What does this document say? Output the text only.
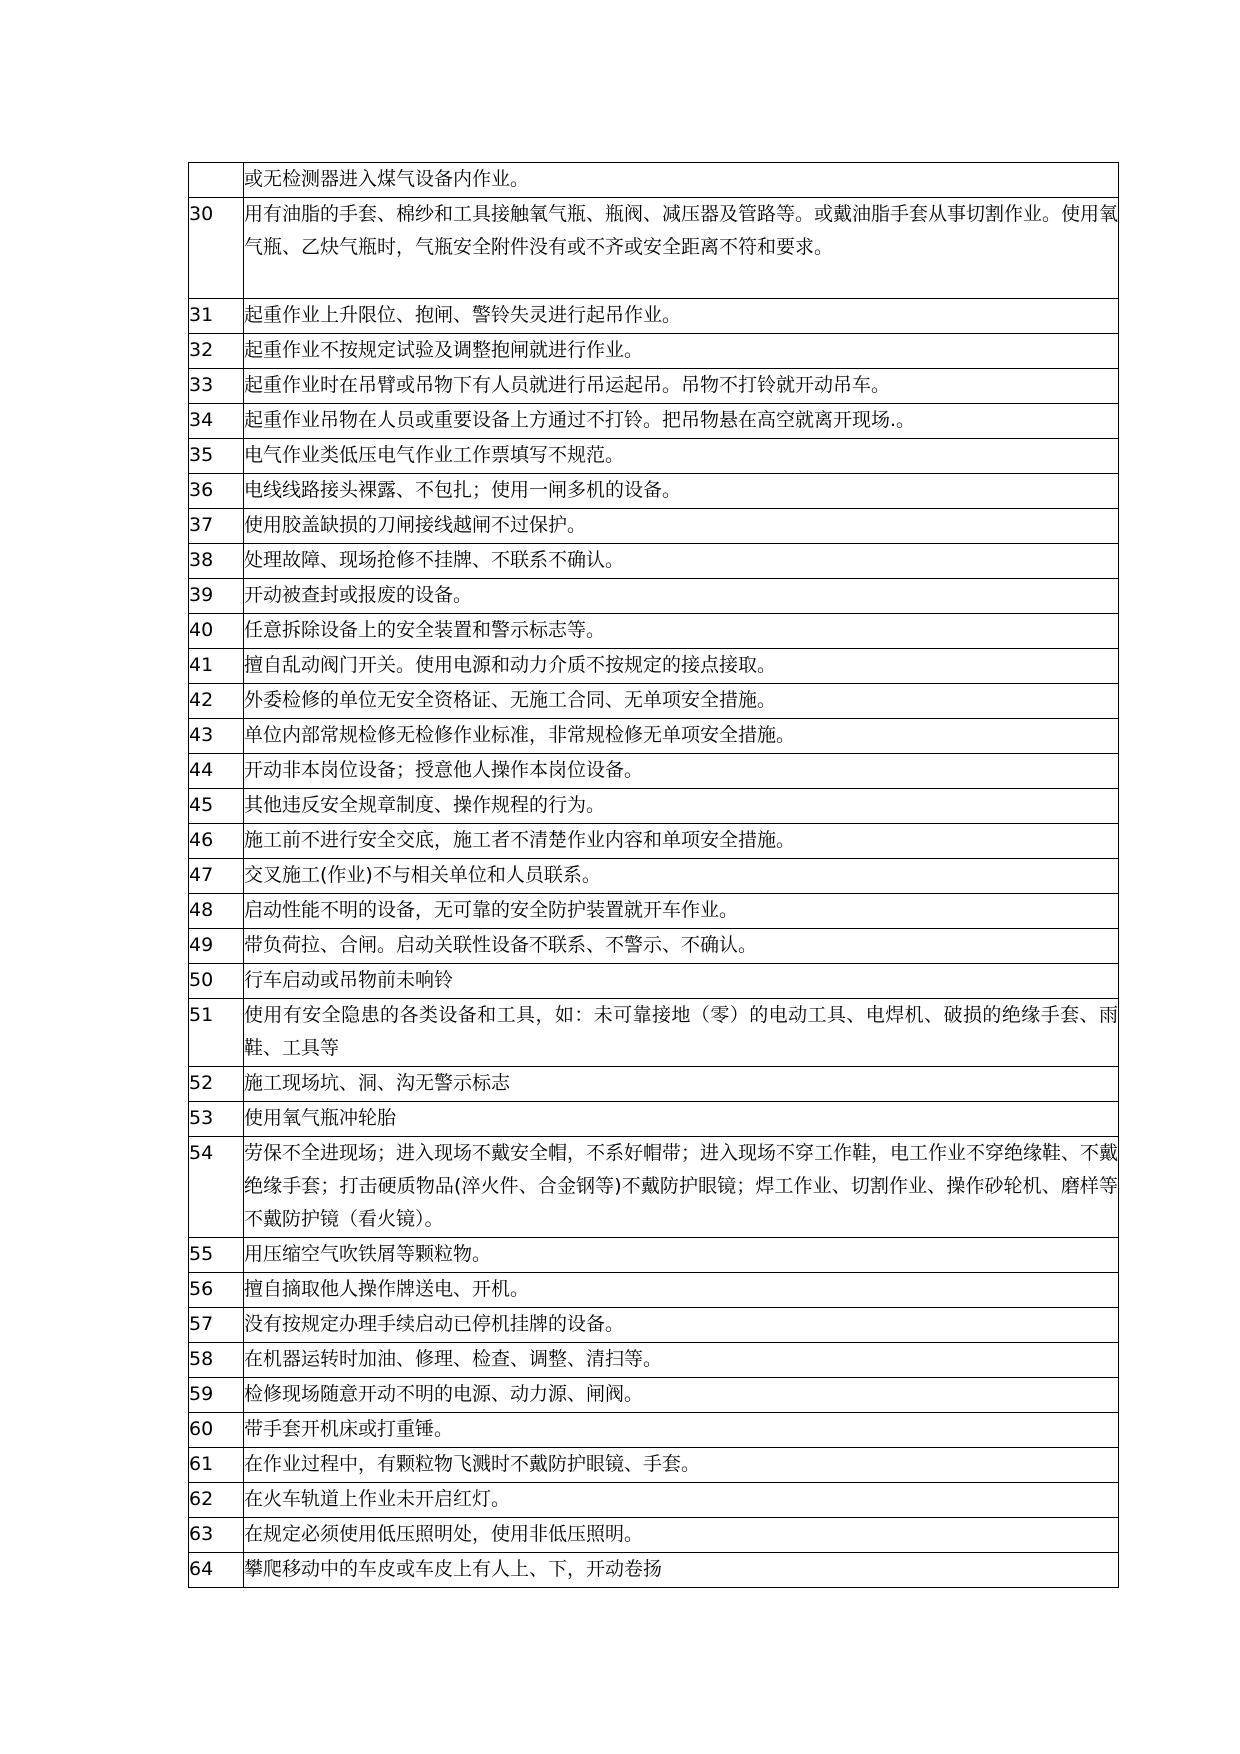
	或无检测器进入煤气设备内作业。
30	用有油脂的手套、棉纱和工具接触氧气瓶、瓶阀、减压器及管路等。或戴油脂手套从事切割作业。使用氧气瓶、乙炔气瓶时，气瓶安全附件没有或不齐或安全距离不符和要求。
31	起重作业上升限位、抱闸、警铃失灵进行起吊作业。
32	起重作业不按规定试验及调整抱闸就进行作业。
33	起重作业时在吊臂或吊物下有人员就进行吊运起吊。吊物不打铃就开动吊车。
34	起重作业吊物在人员或重要设备上方通过不打铃。把吊物悬在高空就离开现场.。
35	电气作业类低压电气作业工作票填写不规范。
36	电线线路接头裸露、不包扎；使用一闸多机的设备。
37	使用胶盖缺损的刀闸接线越闸不过保护。
38	处理故障、现场抢修不挂牌、不联系不确认。
39	开动被查封或报废的设备。
40	任意拆除设备上的安全装置和警示标志等。
41	擅自乱动阀门开关。使用电源和动力介质不按规定的接点接取。
42	外委检修的单位无安全资格证、无施工合同、无单项安全措施。
43	单位内部常规检修无检修作业标准，非常规检修无单项安全措施。
44	开动非本岗位设备；授意他人操作本岗位设备。
45	其他违反安全规章制度、操作规程的行为。
46	施工前不进行安全交底，施工者不清楚作业内容和单项安全措施。
47	交叉施工(作业)不与相关单位和人员联系。
48	启动性能不明的设备，无可靠的安全防护装置就开车作业。
49	带负荷拉、合闸。启动关联性设备不联系、不警示、不确认。
50	行车启动或吊物前未响铃
51	使用有安全隐患的各类设备和工具，如：未可靠接地（零）的电动工具、电焊机、破损的绝缘手套、雨鞋、工具等
52	施工现场坑、洞、沟无警示标志
53	使用氧气瓶冲轮胎
54	劳保不全进现场；进入现场不戴安全帽，不系好帽带；进入现场不穿工作鞋，电工作业不穿绝缘鞋、不戴绝缘手套；打击硬质物品(淬火件、合金钢等)不戴防护眼镜；焊工作业、切割作业、操作砂轮机、磨样等不戴防护镜（看火镜）。
55	用压缩空气吹铁屑等颗粒物。
56	擅自摘取他人操作牌送电、开机。
57	没有按规定办理手续启动已停机挂牌的设备。
58	在机器运转时加油、修理、检查、调整、清扫等。
59	检修现场随意开动不明的电源、动力源、闸阀。
60	带手套开机床或打重锤。
61	在作业过程中，有颗粒物飞溅时不戴防护眼镜、手套。
62	在火车轨道上作业未开启红灯。
63	在规定必须使用低压照明处，使用非低压照明。
64	攀爬移动中的车皮或车皮上有人上、下，开动卷扬
